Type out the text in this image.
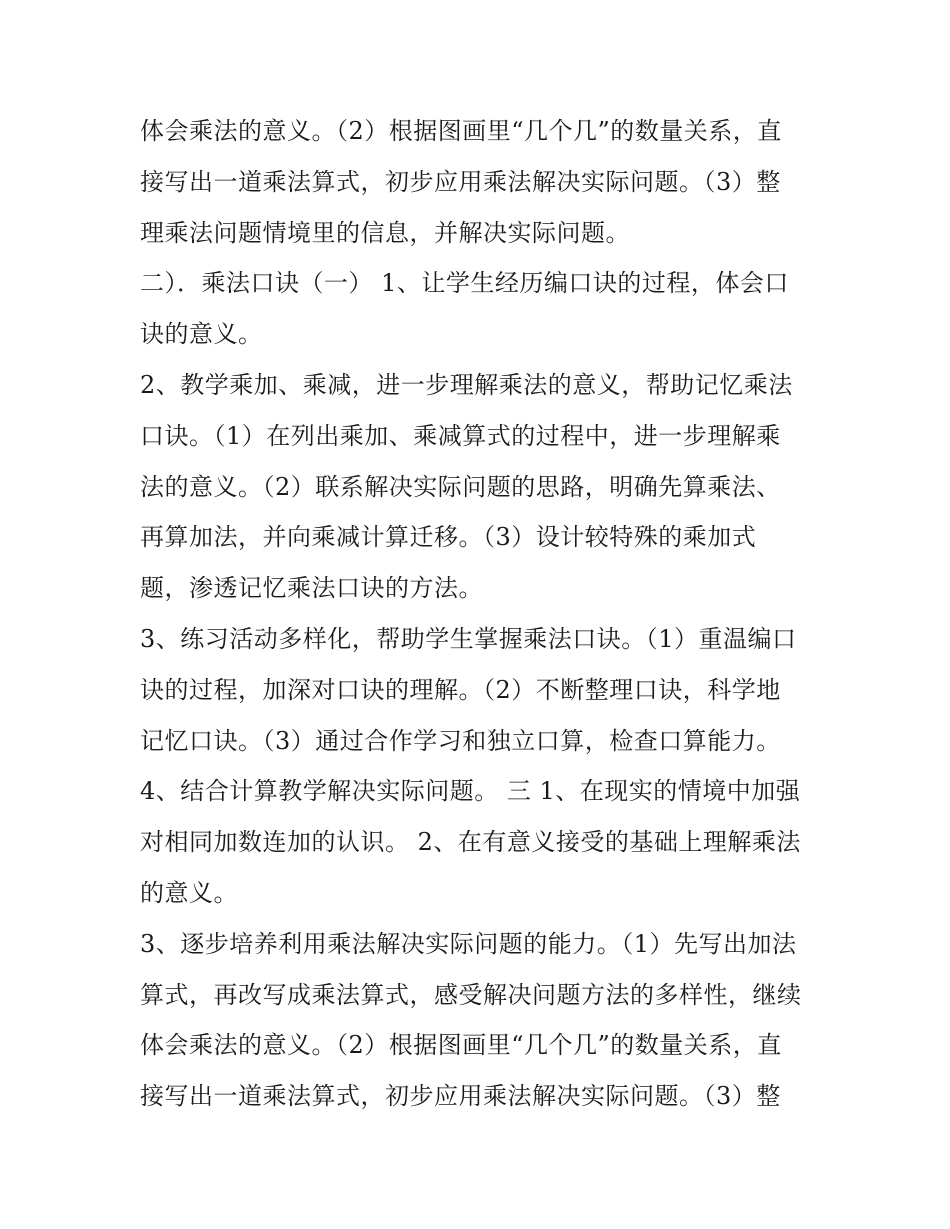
体会乘法的意义。（2）根据图画里“几个几”的数量关系，直
接写出一道乘法算式，初步应用乘法解决实际问题。（3）整
理乘法问题情境里的信息，并解决实际问题。

二）．乘法口诀（一） 1、让学生经历编口诀的过程，体会口
诀的意义。

2、教学乘加、乘减，进一步理解乘法的意义，帮助记忆乘法
口诀。（1）在列出乘加、乘减算式的过程中，进一步理解乘
法的意义。（2）联系解决实际问题的思路，明确先算乘法、
再算加法，并向乘减计算迁移。（3）设计较特殊的乘加式
题，渗透记忆乘法口诀的方法。

3、练习活动多样化，帮助学生掌握乘法口诀。（1）重温编口
诀的过程，加深对口诀的理解。（2）不断整理口诀，科学地
记忆口诀。（3）通过合作学习和独立口算，检查口算能力。

4、结合计算教学解决实际问题。 三 1、在现实的情境中加强
对相同加数连加的认识。 2、在有意义接受的基础上理解乘法
的意义。

3、逐步培养利用乘法解决实际问题的能力。（1）先写出加法
算式，再改写成乘法算式，感受解决问题方法的多样性，继续
体会乘法的意义。（2）根据图画里“几个几”的数量关系，直
接写出一道乘法算式，初步应用乘法解决实际问题。（3）整
